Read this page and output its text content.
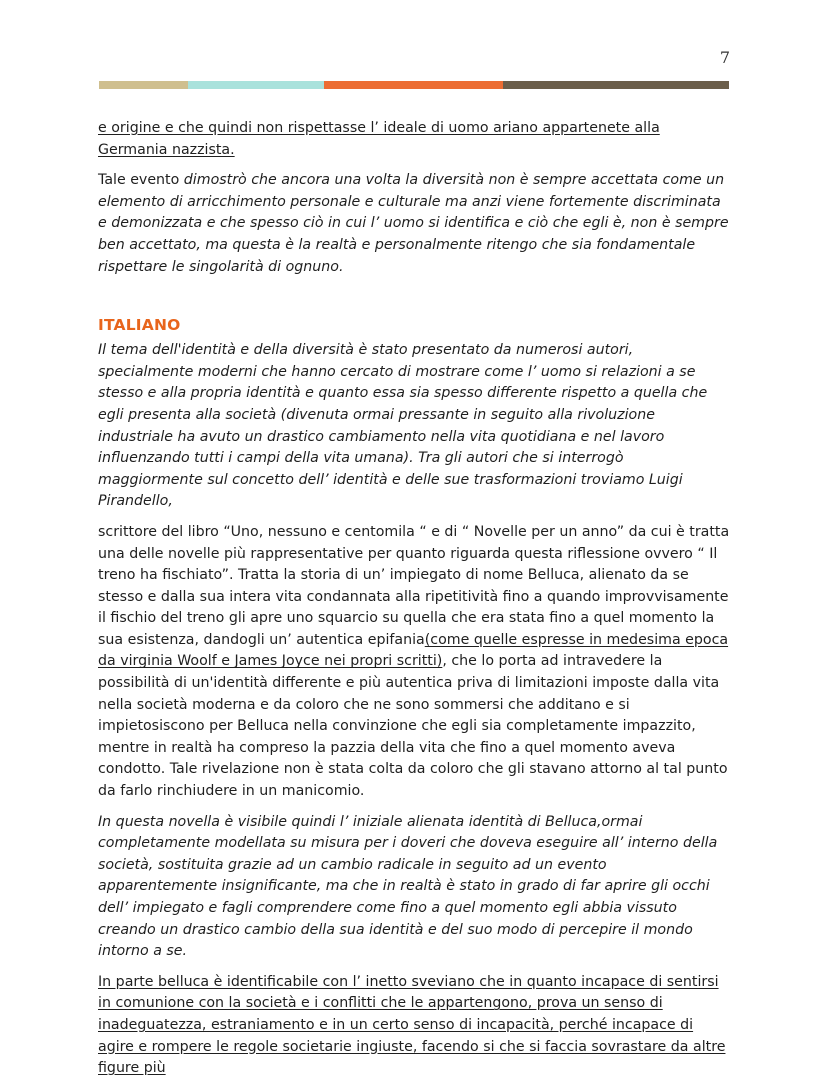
7

e origine e che quindi non rispettasse l’ ideale di uomo ariano appartenete alla Germania nazzista.

Tale evento dimostrò che ancora una volta la diversità non è sempre accettata come un elemento di arricchimento personale e culturale ma anzi viene fortemente discriminata e demonizzata e che spesso ciò in cui l’ uomo si identifica e ciò che egli è, non è sempre ben accettato, ma questa è la realtà e personalmente ritengo che sia fondamentale rispettare le singolarità di ognuno.

ITALIANO

Il tema dell'identità e della diversità è stato presentato da numerosi autori, specialmente moderni che hanno cercato di mostrare come l’ uomo si relazioni a se stesso e alla propria identità e quanto essa sia spesso differente rispetto a quella che egli presenta alla società (divenuta ormai pressante in seguito alla rivoluzione industriale ha avuto un drastico cambiamento nella vita quotidiana e nel lavoro influenzando tutti i campi della vita umana). Tra gli autori che si interrogò maggiormente sul concetto dell’ identità e delle sue trasformazioni troviamo Luigi Pirandello,

scrittore del libro “Uno, nessuno e centomila “ e di “ Novelle per un anno” da cui è tratta una delle novelle più rappresentative per quanto riguarda questa riflessione ovvero “ Il treno ha fischiato”. Tratta la storia di un’ impiegato di nome Belluca, alienato da se stesso e dalla sua intera vita condannata alla ripetitività fino a quando improvvisamente il fischio del treno gli apre uno squarcio su quella che era stata fino a quel momento la sua esistenza, dandogli un’ autentica epifania(come quelle espresse in medesima epoca da virginia Woolf e James Joyce nei propri scritti), che lo porta ad intravedere la possibilità di un'identità differente e più autentica priva di limitazioni imposte dalla vita nella società moderna e da coloro che ne sono sommersi che additano e si impietosiscono per Belluca nella convinzione che egli sia completamente impazzito, mentre in realtà ha compreso la pazzia della vita che fino a quel momento aveva condotto. Tale rivelazione non è stata colta da coloro che gli stavano attorno al tal punto da farlo rinchiudere in un manicomio.

In questa novella è visibile quindi l’ iniziale alienata identità di Belluca,ormai completamente modellata su misura per i doveri che doveva eseguire all’ interno della società, sostituita grazie ad un cambio radicale in seguito ad un evento apparentemente insignificante, ma che in realtà è stato in grado di far aprire gli occhi dell’ impiegato e fagli comprendere come fino a quel momento egli abbia vissuto creando un drastico cambio della sua identità e del suo modo di percepire il mondo intorno a se.

In parte belluca è identificabile con l’ inetto sveviano che in quanto incapace di sentirsi in comunione con la società e i conflitti che le appartengono, prova un senso di inadeguatezza, estraniamento e in un certo senso di incapacità, perché incapace di agire e rompere le regole societarie ingiuste, facendo si che si faccia sovrastare da altre figure più
